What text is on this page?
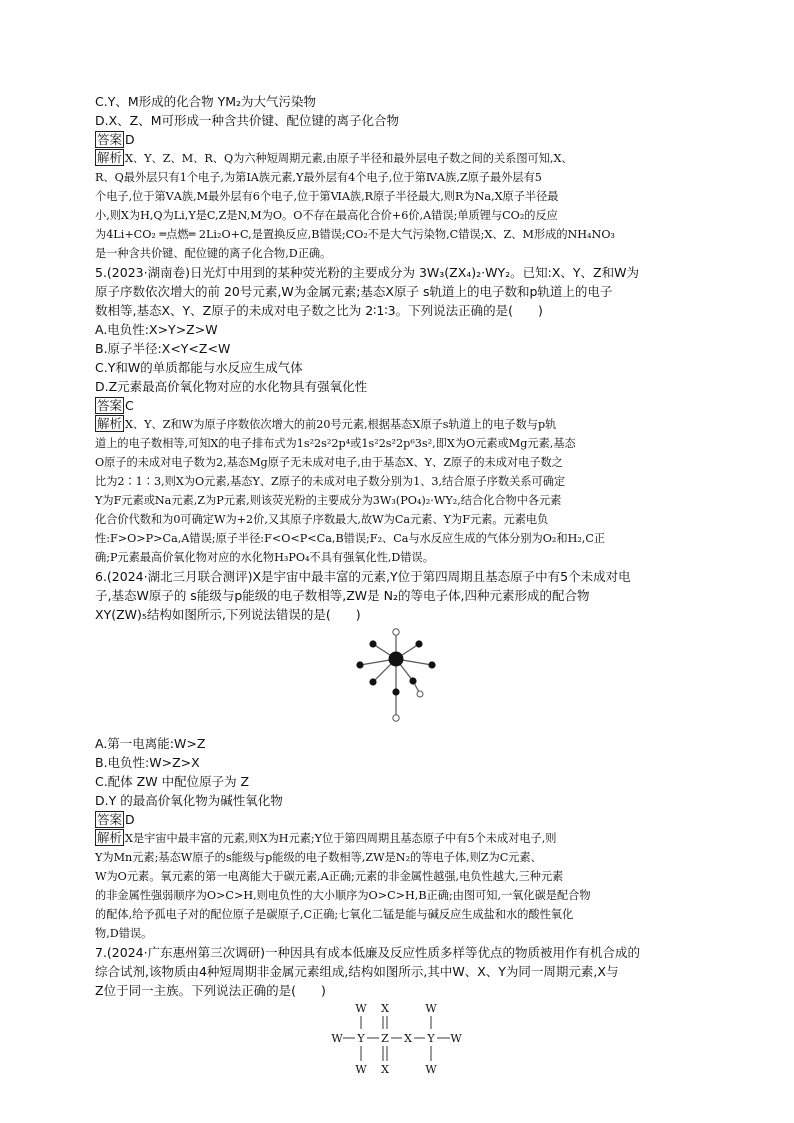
C.Y、M形成的化合物 YM₂为大气污染物

D.X、Z、M可形成一种含共价键、配位键的离子化合物

答案 D

解析 X、Y、Z、M、R、Q为六种短周期元素,由原子半径和最外层电子数之间的关系图可知,X、

R、Q最外层只有1个电子,为第ⅠA族元素,Y最外层有4个电子,位于第ⅣA族,Z原子最外层有5

个电子,位于第ⅤA族,M最外层有6个电子,位于第ⅥA族,R原子半径最大,则R为Na,X原子半径最

小,则X为H,Q为Li,Y是C,Z是N,M为O。O不存在最高化合价+6价,A错误;单质锂与CO₂的反应

为4Li+CO₂ ═点燃═ 2Li₂O+C,是置换反应,B错误;CO₂不是大气污染物,C错误;X、Z、M形成的NH₄NO₃

是一种含共价键、配位键的离子化合物,D正确。

5.(2023·湖南卷)日光灯中用到的某种荧光粉的主要成分为 3W₃(ZX₄)₂·WY₂。已知:X、Y、Z和W为

原子序数依次增大的前 20号元素,W为金属元素;基态X原子 s轨道上的电子数和p轨道上的电子

数相等,基态X、Y、Z原子的未成对电子数之比为 2∶1∶3。下列说法正确的是(　　)

A.电负性:X>Y>Z>W

B.原子半径:X<Y<Z<W

C.Y和W的单质都能与水反应生成气体

D.Z元素最高价氧化物对应的水化物具有强氧化性

答案 C

解析 X、Y、Z和W为原子序数依次增大的前20号元素,根据基态X原子s轨道上的电子数与p轨

道上的电子数相等,可知X的电子排布式为1s²2s²2p⁴或1s²2s²2p⁶3s²,即X为O元素或Mg元素,基态

O原子的未成对电子数为2,基态Mg原子无未成对电子,由于基态X、Y、Z原子的未成对电子数之

比为2∶1∶3,则X为O元素,基态Y、Z原子的未成对电子数分别为1、3,结合原子序数关系可确定

Y为F元素或Na元素,Z为P元素,则该荧光粉的主要成分为3W₃(PO₄)₂·WY₂,结合化合物中各元素

化合价代数和为0可确定W为+2价,又其原子序数最大,故W为Ca元素、Y为F元素。元素电负

性:F>O>P>Ca,A错误;原子半径:F<O<P<Ca,B错误;F₂、Ca与水反应生成的气体分别为O₂和H₂,C正

确;P元素最高价氧化物对应的水化物H₃PO₄不具有强氧化性,D错误。

6.(2024·湖北三月联合测评)X是宇宙中最丰富的元素,Y位于第四周期且基态原子中有5个未成对电

子,基态W原子的 s能级与p能级的电子数相等,ZW是 N₂的等电子体,四种元素形成的配合物

XY(ZW)₅结构如图所示,下列说法错误的是(　　)

A.第一电离能:W>Z

B.电负性:W>Z>X

C.配体 ZW 中配位原子为 Z

D.Y 的最高价氧化物为碱性氧化物

答案 D

解析 X是宇宙中最丰富的元素,则X为H元素;Y位于第四周期且基态原子中有5个未成对电子,则

Y为Mn元素;基态W原子的s能级与p能级的电子数相等,ZW是N₂的等电子体,则Z为C元素、

W为O元素。氧元素的第一电离能大于碳元素,A正确;元素的非金属性越强,电负性越大,三种元素

的非金属性强弱顺序为O>C>H,则电负性的大小顺序为O>C>H,B正确;由图可知,一氧化碳是配合物

的配体,给予孤电子对的配位原子是碳原子,C正确;七氧化二锰是能与碱反应生成盐和水的酸性氧化

物,D错误。

7.(2024·广东惠州第三次调研)一种因具有成本低廉及反应性质多样等优点的物质被用作有机合成的

综合试剂,该物质由4种短周期非金属元素组成,结构如图所示,其中W、X、Y为同一周期元素,X与

Z位于同一主族。下列说法正确的是(　　)

W X	W
W Y Z X Y W
W X	W
